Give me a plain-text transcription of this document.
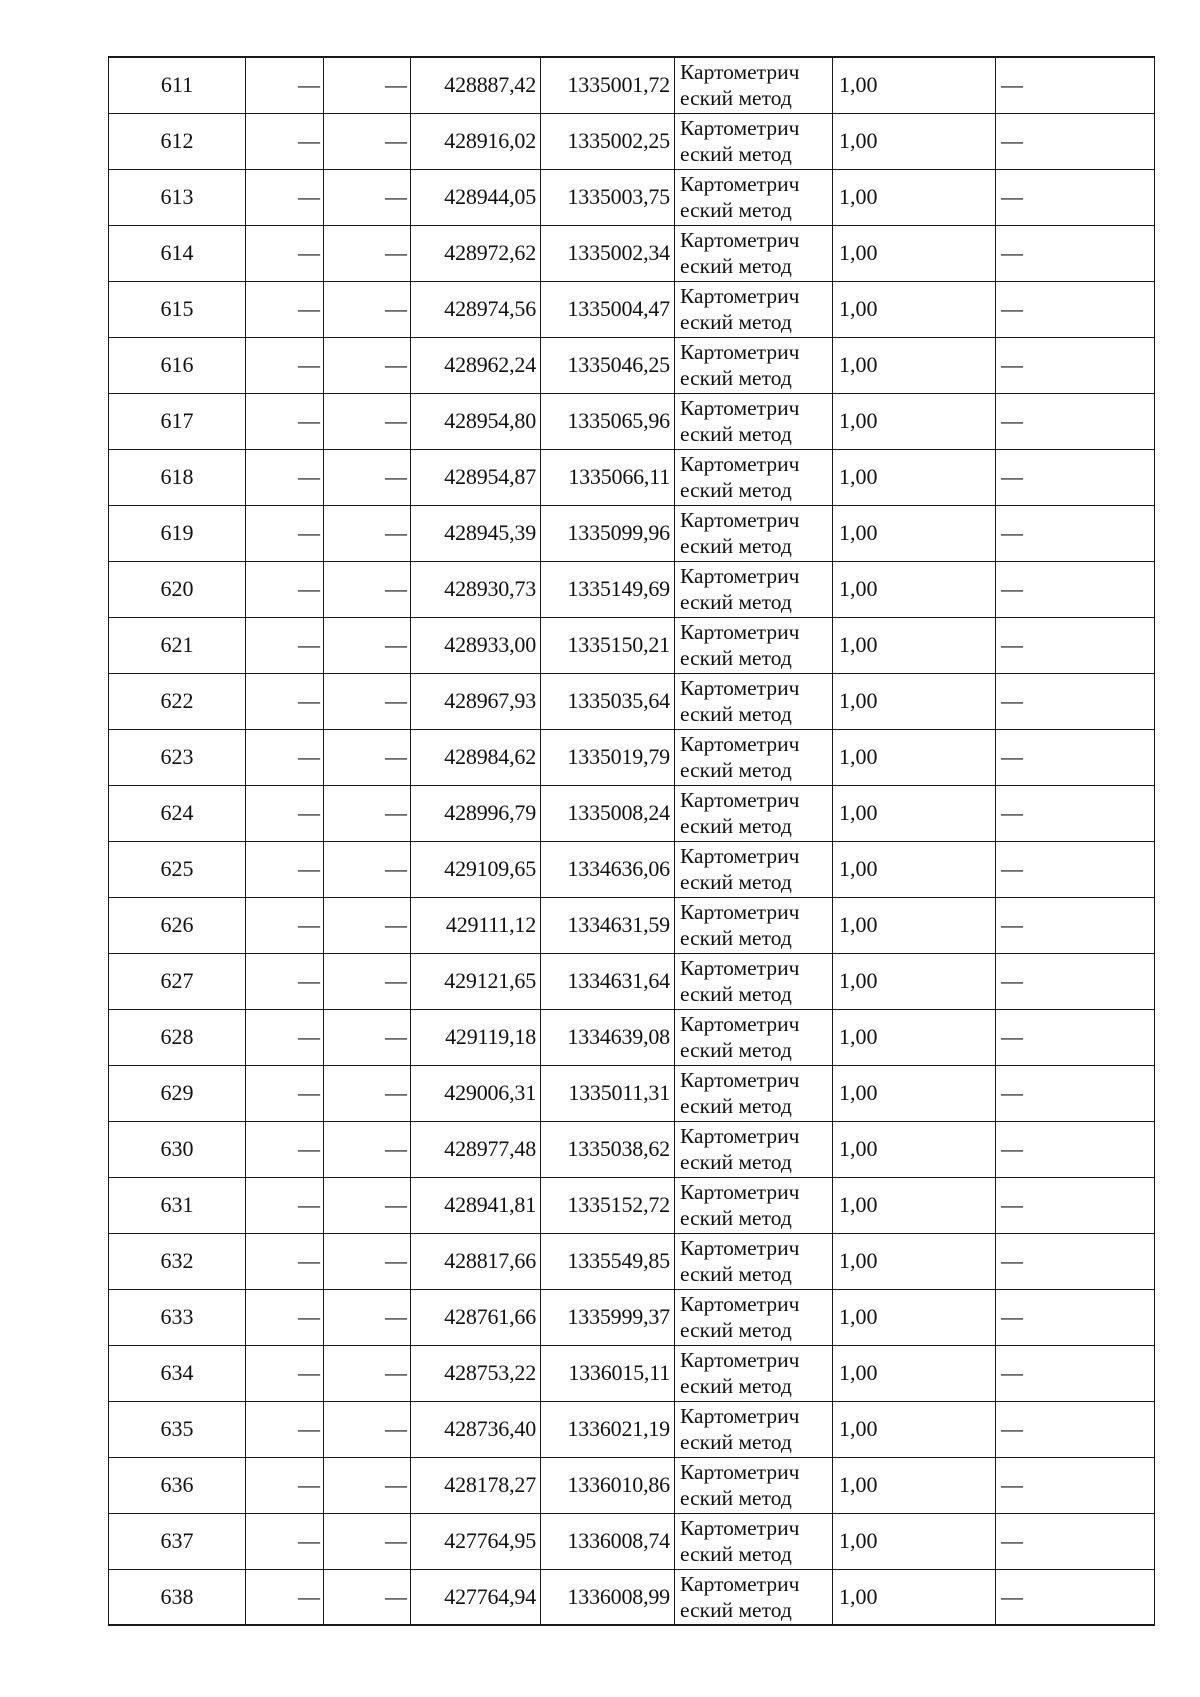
611	—	—	428887,42	1335001,72	Картометрич
еский метод	1,00	—
612	—	—	428916,02	1335002,25	Картометрич
еский метод	1,00	—
613	—	—	428944,05	1335003,75	Картометрич
еский метод	1,00	—
614	—	—	428972,62	1335002,34	Картометрич
еский метод	1,00	—
615	—	—	428974,56	1335004,47	Картометрич
еский метод	1,00	—
616	—	—	428962,24	1335046,25	Картометрич
еский метод	1,00	—
617	—	—	428954,80	1335065,96	Картометрич
еский метод	1,00	—
618	—	—	428954,87	1335066,11	Картометрич
еский метод	1,00	—
619	—	—	428945,39	1335099,96	Картометрич
еский метод	1,00	—
620	—	—	428930,73	1335149,69	Картометрич
еский метод	1,00	—
621	—	—	428933,00	1335150,21	Картометрич
еский метод	1,00	—
622	—	—	428967,93	1335035,64	Картометрич
еский метод	1,00	—
623	—	—	428984,62	1335019,79	Картометрич
еский метод	1,00	—
624	—	—	428996,79	1335008,24	Картометрич
еский метод	1,00	—
625	—	—	429109,65	1334636,06	Картометрич
еский метод	1,00	—
626	—	—	429111,12	1334631,59	Картометрич
еский метод	1,00	—
627	—	—	429121,65	1334631,64	Картометрич
еский метод	1,00	—
628	—	—	429119,18	1334639,08	Картометрич
еский метод	1,00	—
629	—	—	429006,31	1335011,31	Картометрич
еский метод	1,00	—
630	—	—	428977,48	1335038,62	Картометрич
еский метод	1,00	—
631	—	—	428941,81	1335152,72	Картометрич
еский метод	1,00	—
632	—	—	428817,66	1335549,85	Картометрич
еский метод	1,00	—
633	—	—	428761,66	1335999,37	Картометрич
еский метод	1,00	—
634	—	—	428753,22	1336015,11	Картометрич
еский метод	1,00	—
635	—	—	428736,40	1336021,19	Картометрич
еский метод	1,00	—
636	—	—	428178,27	1336010,86	Картометрич
еский метод	1,00	—
637	—	—	427764,95	1336008,74	Картометрич
еский метод	1,00	—
638	—	—	427764,94	1336008,99	Картометрич
еский метод	1,00	—
